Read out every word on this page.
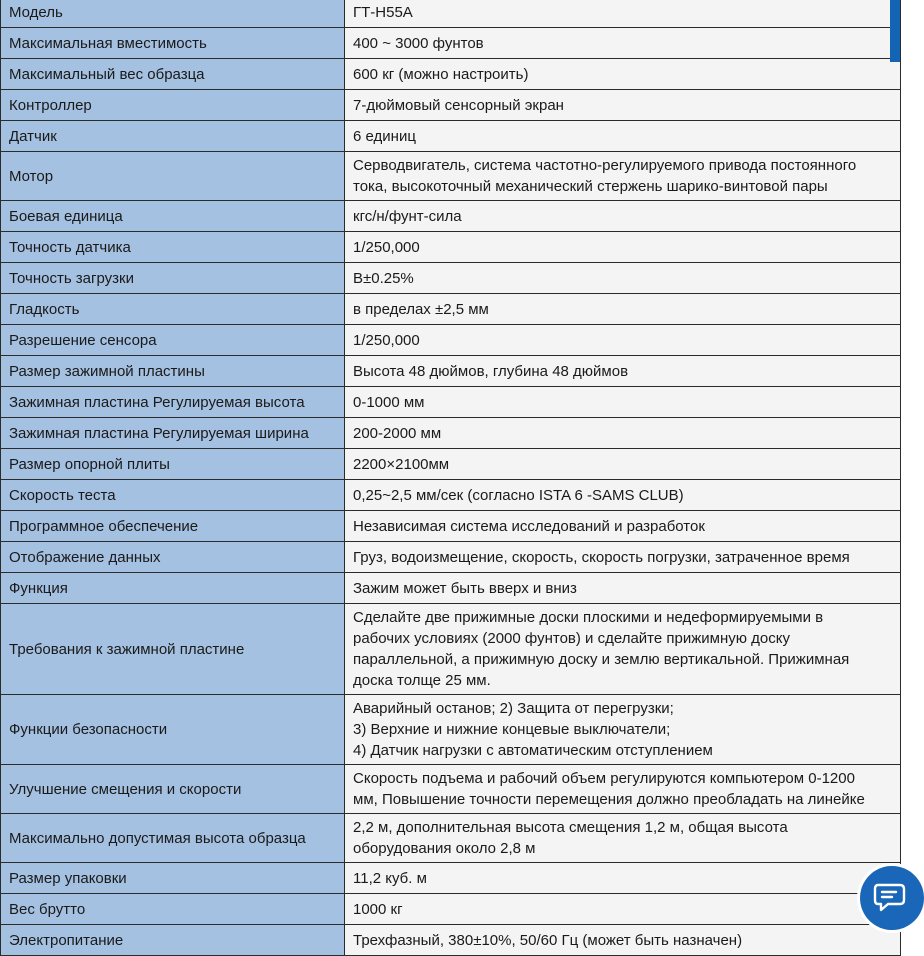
Модель	ГТ-H55A

Максимальная вместимость	400 ~ 3000 фунтов

Максимальный вес образца	600 кг (можно настроить)

Контроллер	7-дюймовый сенсорный экран

Датчик	6 единиц

Мотор	Серводвигатель, система частотно-регулируемого привода постоянного
тока, высокоточный механический стержень шарико-винтовой пары

Боевая единица	кгс/н/фунт-сила

Точность датчика	1/250,000

Точность загрузки	B±0.25%

Гладкость	в пределах ±2,5 мм

Разрешение сенсора	1/250,000

Размер зажимной пластины	Высота 48 дюймов, глубина 48 дюймов

Зажимная пластина Регулируемая высота	0-1000 мм

Зажимная пластина Регулируемая ширина	200-2000 мм

Размер опорной плиты	2200×2100мм

Скорость теста	0,25~2,5 мм/сек (согласно ISTA 6 -SAMS CLUB)

Программное обеспечение	Независимая система исследований и разработок

Отображение данных	Груз, водоизмещение, скорость, скорость погрузки, затраченное время

Функция	Зажим может быть вверх и вниз

Требования к зажимной пластине	Сделайте две прижимные доски плоскими и недеформируемыми в
рабочих условиях (2000 фунтов) и сделайте прижимную доску
параллельной, а прижимную доску и землю вертикальной. Прижимная
доска толще 25 мм.

Функции безопасности	Аварийный останов; 2) Защита от перегрузки;
3) Верхние и нижние концевые выключатели;
4) Датчик нагрузки с автоматическим отступлением

Улучшение смещения и скорости	Скорость подъема и рабочий объем регулируются компьютером 0-1200
мм, Повышение точности перемещения должно преобладать на линейке

Максимально допустимая высота образца	2,2 м, дополнительная высота смещения 1,2 м, общая высота
оборудования около 2,8 м

Размер упаковки	11,2 куб. м

Вес брутто	1000 кг

Электропитание	Трехфазный, 380±10%, 50/60 Гц (может быть назначен)
